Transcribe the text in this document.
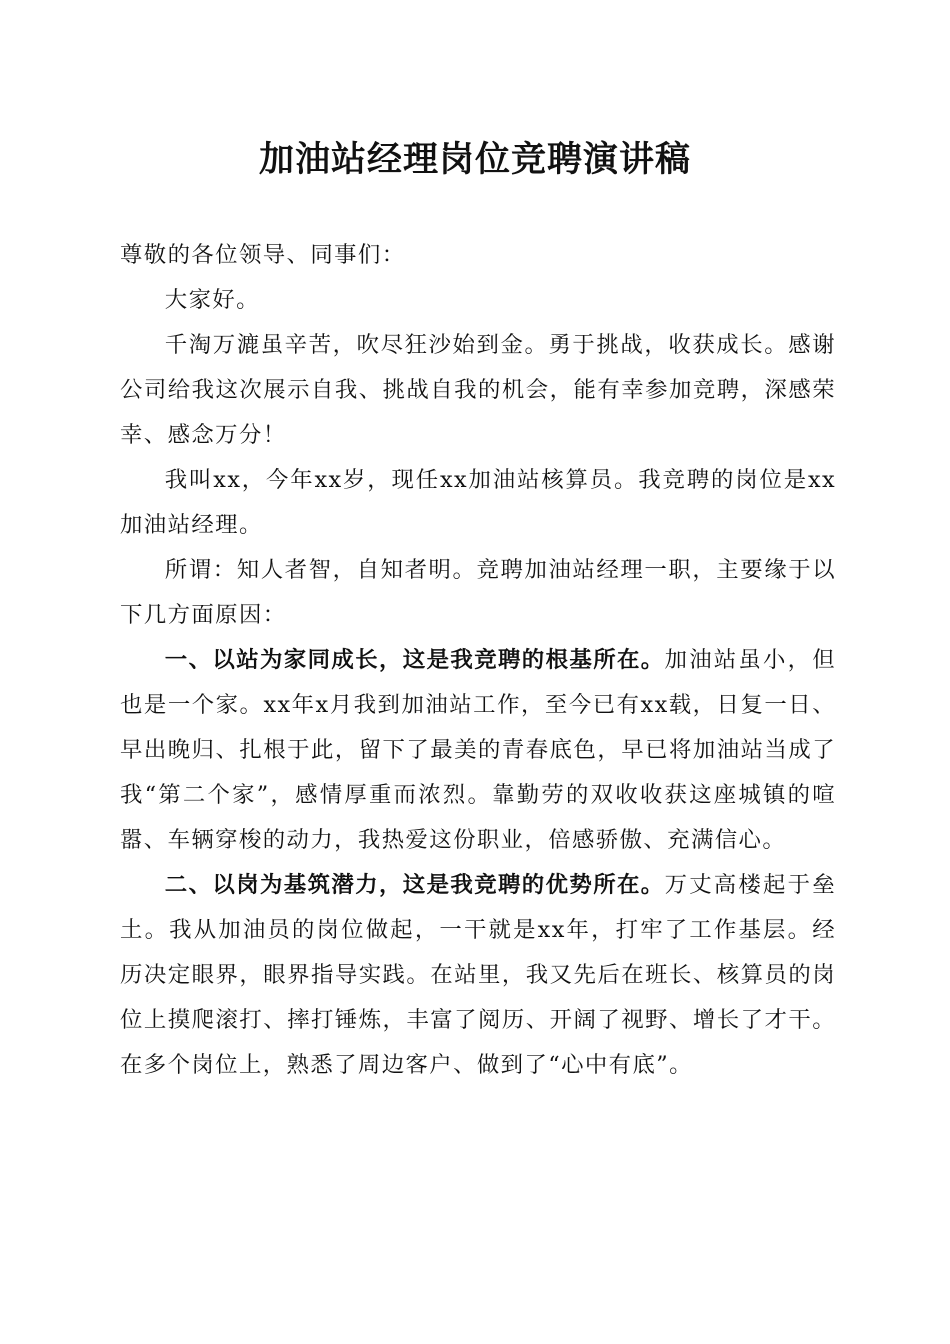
加油站经理岗位竞聘演讲稿

尊敬的各位领导、同事们：

大家好。

千淘万漉虽辛苦，吹尽狂沙始到金。勇于挑战，收获成长。感谢公司给我这次展示自我、挑战自我的机会，能有幸参加竞聘，深感荣幸、感念万分！

我叫xx，今年xx岁，现任xx加油站核算员。我竞聘的岗位是xx加油站经理。

所谓：知人者智，自知者明。竞聘加油站经理一职，主要缘于以下几方面原因：

一、以站为家同成长，这是我竞聘的根基所在。加油站虽小，但也是一个家。xx年x月我到加油站工作，至今已有xx载，日复一日、早出晚归、扎根于此，留下了最美的青春底色，早已将加油站当成了我“第二个家”，感情厚重而浓烈。靠勤劳的双收收获这座城镇的喧嚣、车辆穿梭的动力，我热爱这份职业，倍感骄傲、充满信心。

二、以岗为基筑潜力，这是我竞聘的优势所在。万丈高楼起于垒土。我从加油员的岗位做起，一干就是xx年，打牢了工作基层。经历决定眼界，眼界指导实践。在站里，我又先后在班长、核算员的岗位上摸爬滚打、摔打锤炼，丰富了阅历、开阔了视野、增长了才干。在多个岗位上，熟悉了周边客户、做到了“心中有底”。
